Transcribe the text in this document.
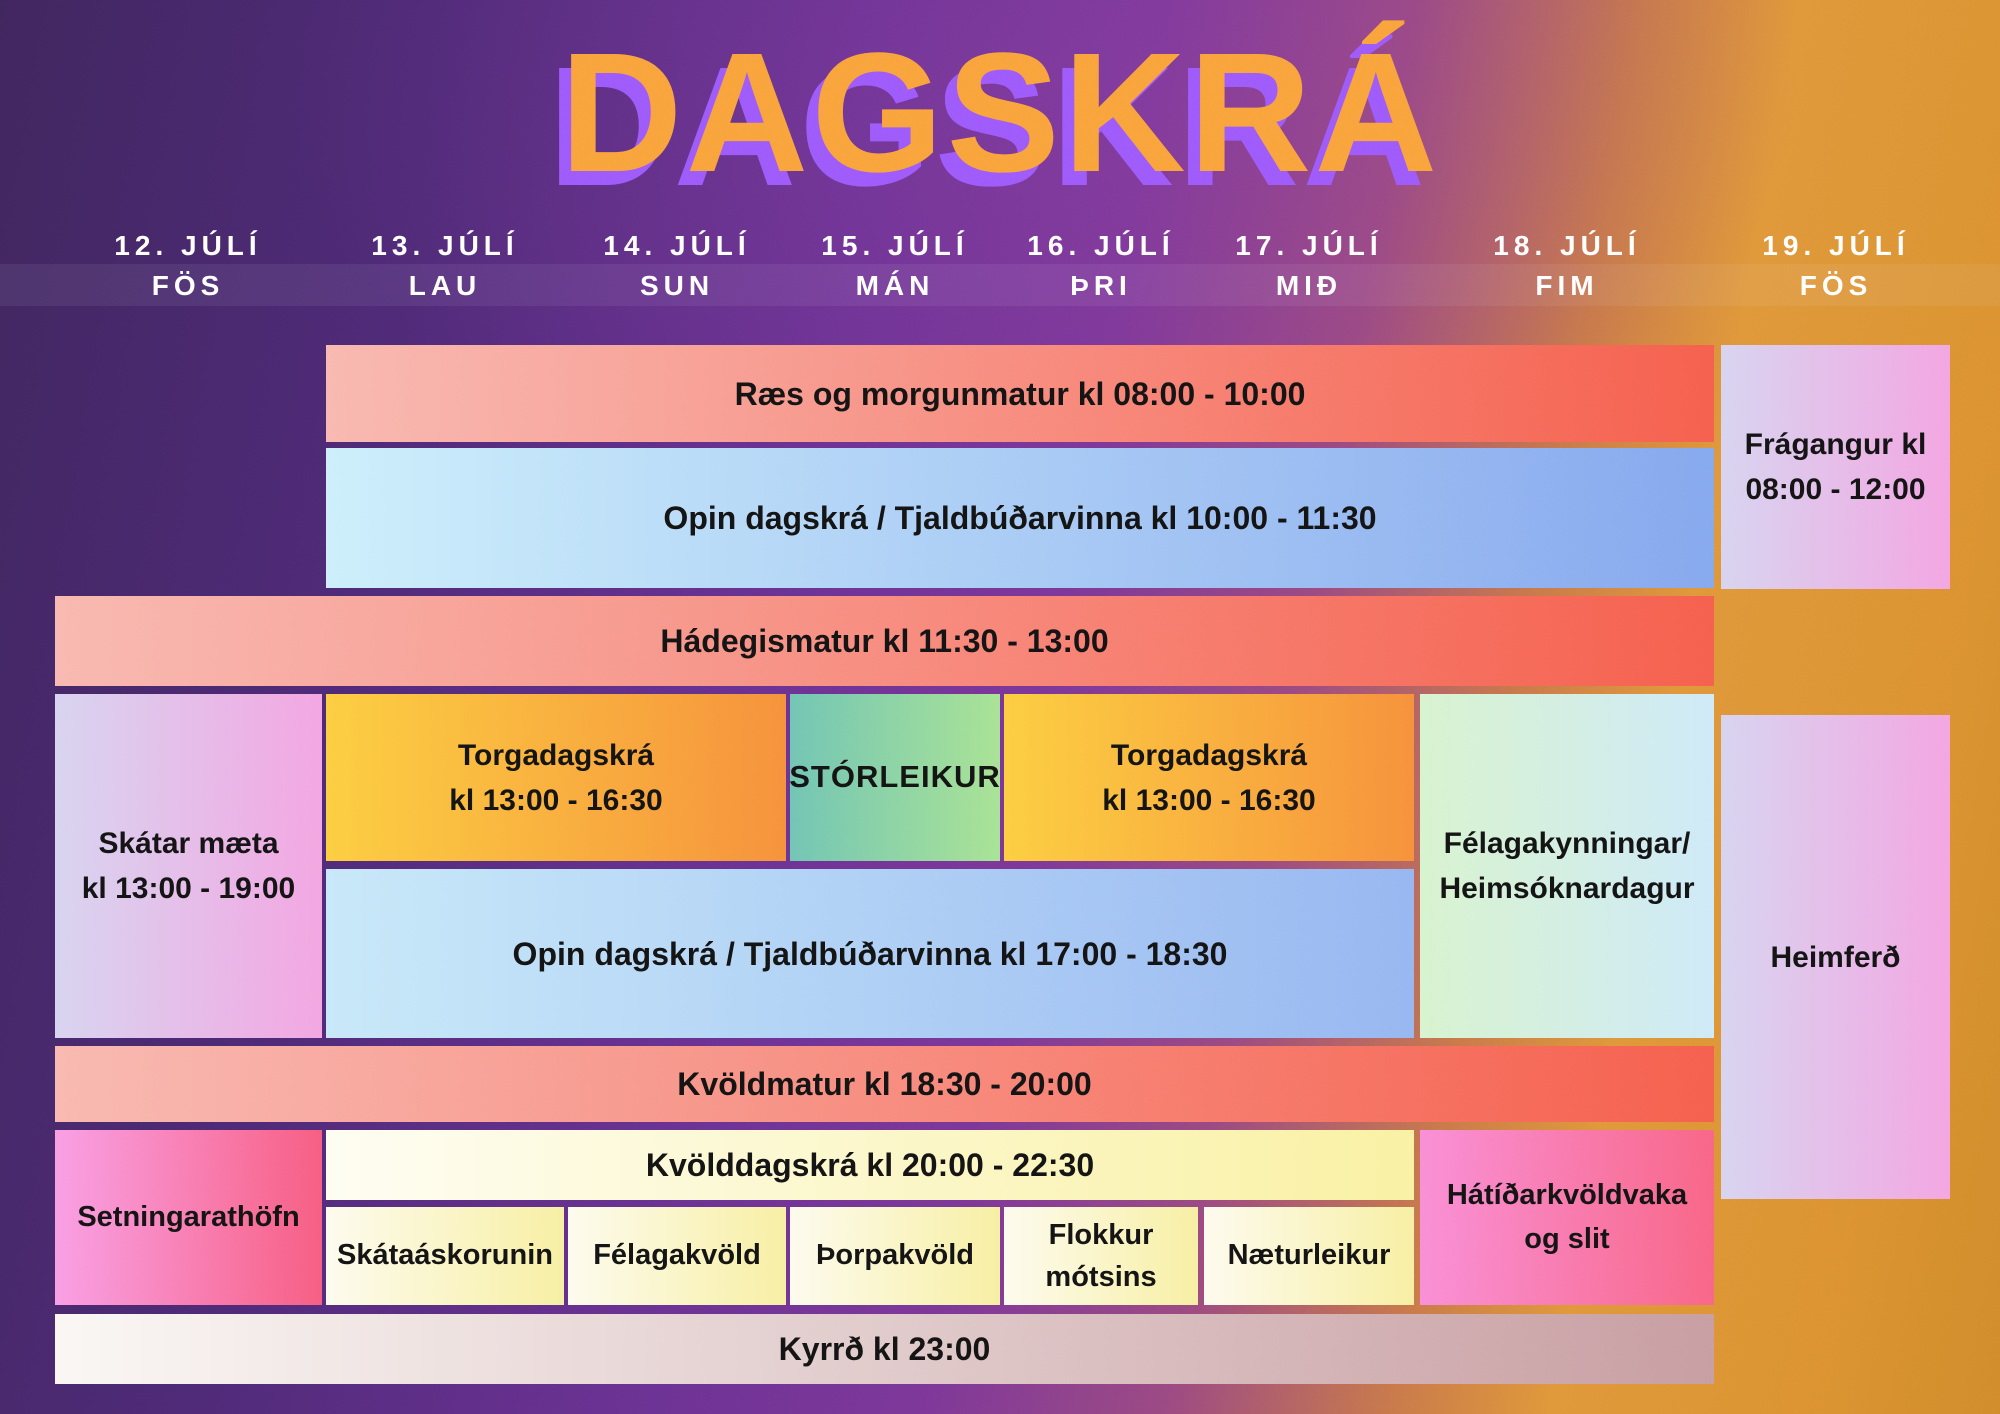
DAGSKRÁ
12. JÚLÍ
FÖS
13. JÚLÍ
LAU
14. JÚLÍ
SUN
15. JÚLÍ
MÁN
16. JÚLÍ
ÞRI
17. JÚLÍ
MIÐ
18. JÚLÍ
FIM
19. JÚLÍ
FÖS
Ræs og morgunmatur kl 08:00 - 10:00
Opin dagskrá / Tjaldbúðarvinna kl 10:00 - 11:30
Frágangur kl
08:00 - 12:00
Hádegismatur kl 11:30 - 13:00
Skátar mæta
kl 13:00 - 19:00
Torgadagskrá
kl 13:00 - 16:30
STÓRLEIKUR
Torgadagskrá
kl 13:00 - 16:30
Félagakynningar/
Heimsóknardagur
Opin dagskrá / Tjaldbúðarvinna kl 17:00 - 18:30	Heimferð
Kvöldmatur kl 18:30 - 20:00
Setningarathöfn
Kvölddagskrá kl 20:00 - 22:30
Skátaáskorunin Félagakvöld Þorpakvöld
Flokkur
mótsins
Næturleikur
Hátíðarkvöldvaka
og slit
Kyrrð kl 23:00
